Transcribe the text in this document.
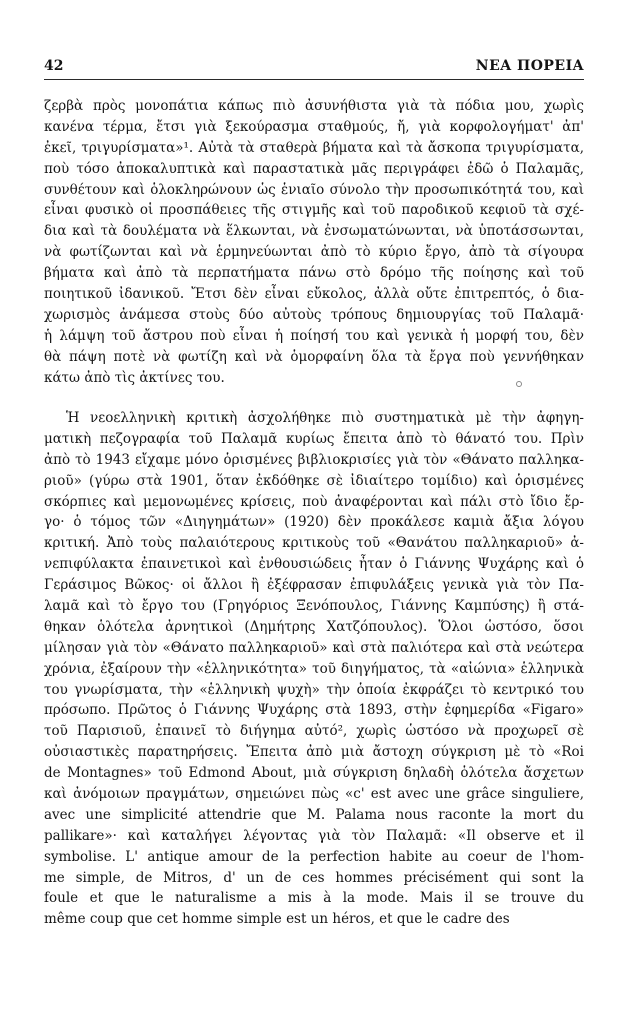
42	ΝΕΑ ΠΟΡΕΙΑ
ζερβὰ πρὸς μονοπάτια κάπως πιὸ ἀσυνήθιστα γιὰ τὰ πόδια μου, χωρὶς
κανένα τέρμα, ἔτσι γιὰ ξεκούρασμα σταθμούς, ἤ, γιὰ κορφολογήματ' ἀπ'
ἐκεῖ, τριγυρίσματα»¹. Αὐτὰ τὰ σταθερὰ βήματα καὶ τὰ ἄσκοπα τριγυρίσματα,
ποὺ τόσο ἀποκαλυπτικὰ καὶ παραστατικὰ μᾶς περιγράφει ἐδῶ ὁ Παλαμᾶς,
συνθέτουν καὶ ὁλοκληρώνουν ὡς ἑνιαῖο σύνολο τὴν προσωπικότητά του, καὶ
εἶναι φυσικὸ οἱ προσπάθειες τῆς στιγμῆς καὶ τοῦ παροδικοῦ κεφιοῦ τὰ σχέ-
δια καὶ τὰ δουλέματα νὰ ἕλκωνται, νὰ ἐνσωματώνωνται, νὰ ὑποτάσσωνται,
νὰ φωτίζωνται καὶ νὰ ἑρμηνεύωνται ἀπὸ τὸ κύριο ἔργο, ἀπὸ τὰ σίγουρα
βήματα καὶ ἀπὸ τὰ περπατήματα πάνω στὸ δρόμο τῆς ποίησης καὶ τοῦ
ποιητικοῦ ἰδανικοῦ. Ἔτσι δὲν εἶναι εὔκολος, ἀλλὰ οὔτε ἐπιτρεπτός, ὁ δια-
χωρισμὸς ἀνάμεσα στοὺς δύο αὐτοὺς τρόπους δημιουργίας τοῦ Παλαμᾶ·
ἡ λάμψη τοῦ ἄστρου ποὺ εἶναι ἡ ποίησή του καὶ γενικὰ ἡ μορφή του, δὲν
θὰ πάψη ποτὲ νὰ φωτίζη καὶ νὰ ὁμορφαίνη ὅλα τὰ ἔργα ποὺ γεννήθηκαν
κάτω ἀπὸ τὶς ἀκτίνες του.
Ἡ νεοελληνικὴ κριτικὴ ἀσχολήθηκε πιὸ συστηματικὰ μὲ τὴν ἀφηγη-
ματικὴ πεζογραφία τοῦ Παλαμᾶ κυρίως ἔπειτα ἀπὸ τὸ θάνατό του. Πρὶν
ἀπὸ τὸ 1943 εἴχαμε μόνο ὁρισμένες βιβλιοκρισίες γιὰ τὸν «Θάνατο παλληκα-
ριοῦ» (γύρω στὰ 1901, ὅταν ἐκδόθηκε σὲ ἰδιαίτερο τομίδιο) καὶ ὁρισμένες
σκόρπιες καὶ μεμονωμένες κρίσεις, ποὺ ἀναφέρονται καὶ πάλι στὸ ἴδιο ἔρ-
γο· ὁ τόμος τῶν «Διηγημάτων» (1920) δὲν προκάλεσε καμιὰ ἄξια λόγου
κριτική. Ἀπὸ τοὺς παλαιότερους κριτικοὺς τοῦ «Θανάτου παλληκαριοῦ» ἀ-
νεπιφύλακτα ἐπαινετικοὶ καὶ ἐνθουσιώδεις ἦταν ὁ Γιάννης Ψυχάρης καὶ ὁ
Γεράσιμος Βῶκος· οἱ ἄλλοι ἢ ἐξέφρασαν ἐπιφυλάξεις γενικὰ γιὰ τὸν Πα-
λαμᾶ καὶ τὸ ἔργο του (Γρηγόριος Ξενόπουλος, Γιάννης Καμπύσης) ἢ στά-
θηκαν ὁλότελα ἀρνητικοὶ (Δημήτρης Χατζόπουλος). Ὅλοι ὡστόσο, ὅσοι
μίλησαν γιὰ τὸν «Θάνατο παλληκαριοῦ» καὶ στὰ παλιότερα καὶ στὰ νεώτερα
χρόνια, ἐξαίρουν τὴν «ἑλληνικότητα» τοῦ διηγήματος, τὰ «αἰώνια» ἑλληνικὰ
του γνωρίσματα, τὴν «ἑλληνικὴ ψυχὴ» τὴν ὁποία ἐκφράζει τὸ κεντρικό του
πρόσωπο. Πρῶτος ὁ Γιάννης Ψυχάρης στὰ 1893, στὴν ἐφημερίδα «Figaro»
τοῦ Παρισιοῦ, ἐπαινεῖ τὸ διήγημα αὐτό², χωρὶς ὡστόσο νὰ προχωρεῖ σὲ
οὐσιαστικὲς παρατηρήσεις. Ἔπειτα ἀπὸ μιὰ ἄστοχη σύγκριση μὲ τὸ «Roi
de Montagnes» τοῦ Edmond About, μιὰ σύγκριση δηλαδὴ ὁλότελα ἄσχετων
καὶ ἀνόμοιων πραγμάτων, σημειώνει πὼς «c' est avec une grâce singuliere,
avec une simplicité attendrie que M. Palama nous raconte la mort du
pallikare»· καὶ καταλήγει λέγοντας γιὰ τὸν Παλαμᾶ: «Il observe et il
symbolise. L' antique amour de la perfection habite au coeur de l'hom-
me simple, de Mitros, d' un de ces hommes précisément qui sont la
foule et que le naturalisme a mis à la mode. Mais il se trouve du
même coup que cet homme simple est un héros, et que le cadre des
